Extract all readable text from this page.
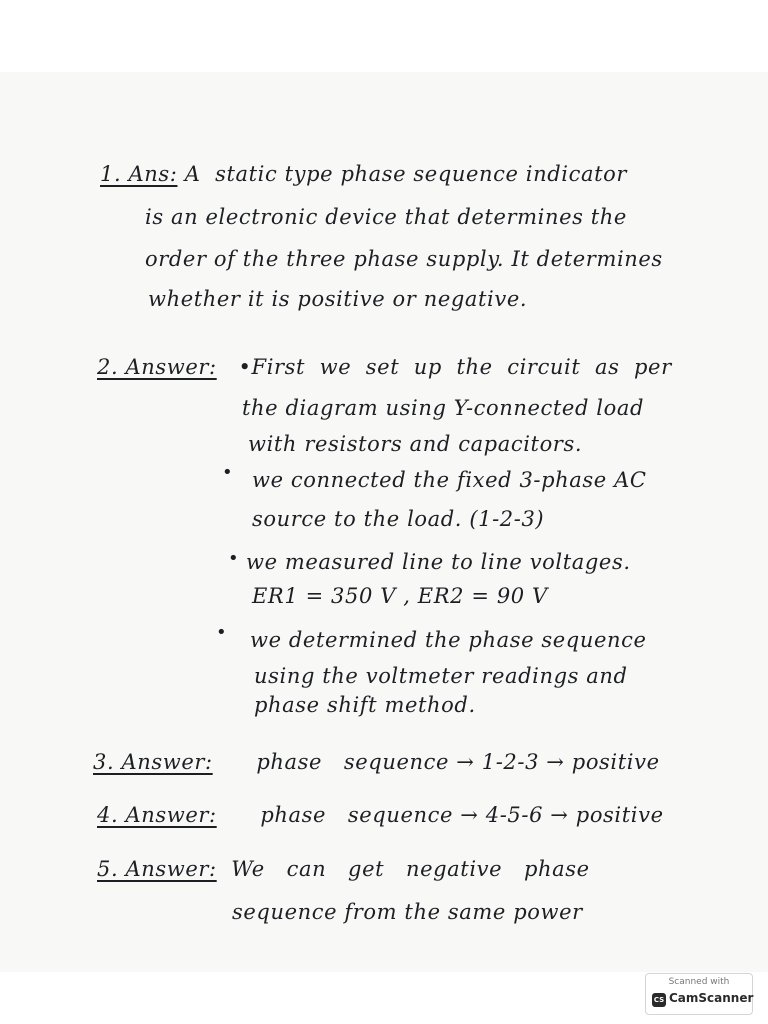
1. Ans: A  static type phase sequence indicator
is an electronic device that determines the
order of the three phase supply. It determines
whether it is positive or negative.
2. Answer: •First  we  set  up  the  circuit  as  per
the diagram using Y-connected load
with resistors and capacitors.
• we connected the fixed 3-phase AC
source to the load. (1-2-3)
• we measured line to line voltages.
ER1 = 350 V , ER2 = 90 V
• we determined the phase sequence
using the voltmeter readings and
phase shift method.
3. Answer: phase   sequence → 1-2-3 → positive
4. Answer: phase   sequence → 4-5-6 → positive
5. Answer: We   can   get   negative   phase
sequence from the same power
Scanned with
CS CamScanner
